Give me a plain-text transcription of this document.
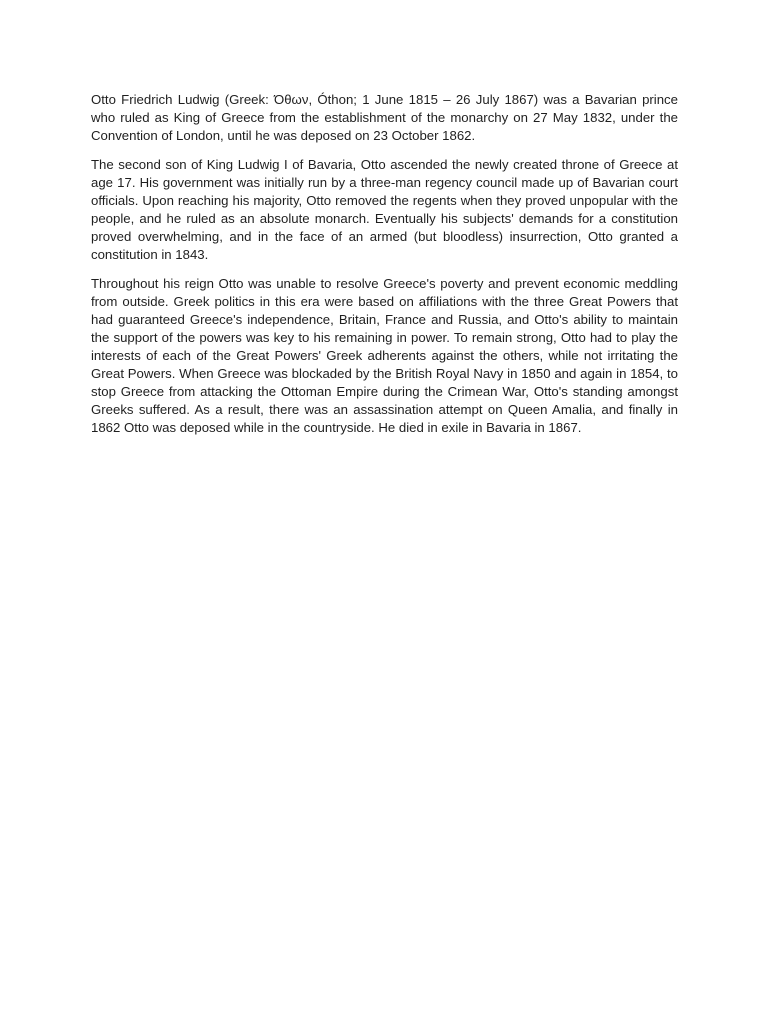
Otto Friedrich Ludwig (Greek: Όθων, Óthon; 1 June 1815 – 26 July 1867) was a Bavarian prince who ruled as King of Greece from the establishment of the monarchy on 27 May 1832, under the Convention of London, until he was deposed on 23 October 1862.

The second son of King Ludwig I of Bavaria, Otto ascended the newly created throne of Greece at age 17. His government was initially run by a three-man regency council made up of Bavarian court officials. Upon reaching his majority, Otto removed the regents when they proved unpopular with the people, and he ruled as an absolute monarch. Eventually his subjects' demands for a constitution proved overwhelming, and in the face of an armed (but bloodless) insurrection, Otto granted a constitution in 1843.

Throughout his reign Otto was unable to resolve Greece's poverty and prevent economic meddling from outside. Greek politics in this era were based on affiliations with the three Great Powers that had guaranteed Greece's independence, Britain, France and Russia, and Otto's ability to maintain the support of the powers was key to his remaining in power. To remain strong, Otto had to play the interests of each of the Great Powers' Greek adherents against the others, while not irritating the Great Powers. When Greece was blockaded by the British Royal Navy in 1850 and again in 1854, to stop Greece from attacking the Ottoman Empire during the Crimean War, Otto's standing amongst Greeks suffered. As a result, there was an assassination attempt on Queen Amalia, and finally in 1862 Otto was deposed while in the countryside. He died in exile in Bavaria in 1867.
